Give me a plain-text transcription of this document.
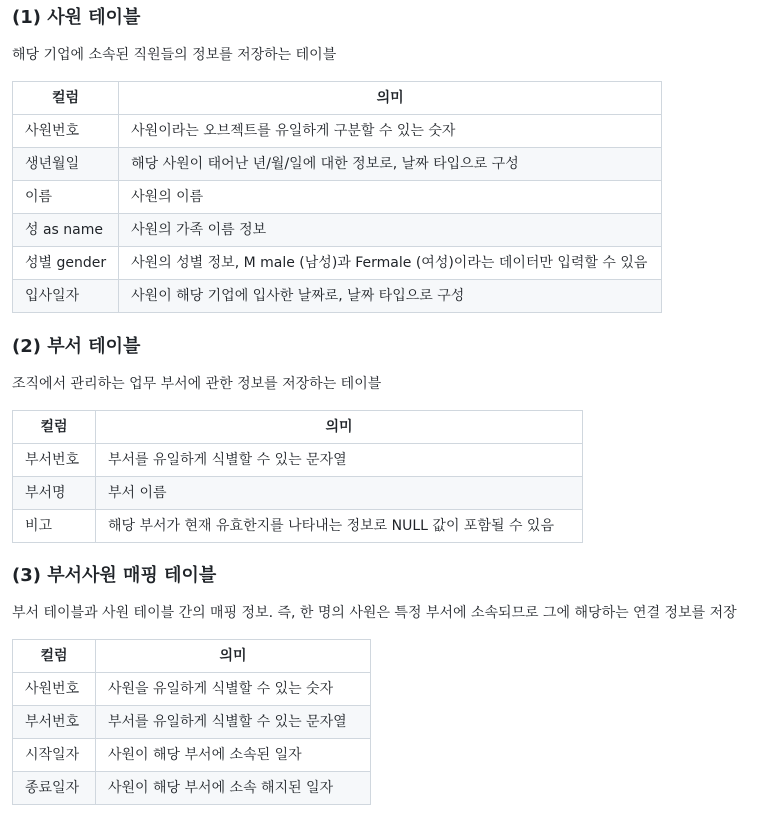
(1) 사원 테이블

해당 기업에 소속된 직원들의 정보를 저장하는 테이블

컬럼	의미
사원번호	사원이라는 오브젝트를 유일하게 구분할 수 있는 숫자
생년월일	해당 사원이 태어난 년/월/일에 대한 정보로, 날짜 타입으로 구성
이름	사원의 이름
성 as name	사원의 가족 이름 정보
성별 gender	사원의 성별 정보, M male (남성)과 Fermale (여성)이라는 데이터만 입력할 수 있음
입사일자	사원이 해당 기업에 입사한 날짜로, 날짜 타입으로 구성
(2) 부서 테이블

조직에서 관리하는 업무 부서에 관한 정보를 저장하는 테이블

컬럼	의미
부서번호	부서를 유일하게 식별할 수 있는 문자열
부서명	부서 이름
비고	해당 부서가 현재 유효한지를 나타내는 정보로 NULL 값이 포함될 수 있음
(3) 부서사원 매핑 테이블

부서 테이블과 사원 테이블 간의 매핑 정보. 즉, 한 명의 사원은 특정 부서에 소속되므로 그에 해당하는 연결 정보를 저장

컬럼	의미
사원번호	사원을 유일하게 식별할 수 있는 숫자
부서번호	부서를 유일하게 식별할 수 있는 문자열
시작일자	사원이 해당 부서에 소속된 일자
종료일자	사원이 해당 부서에 소속 해지된 일자
